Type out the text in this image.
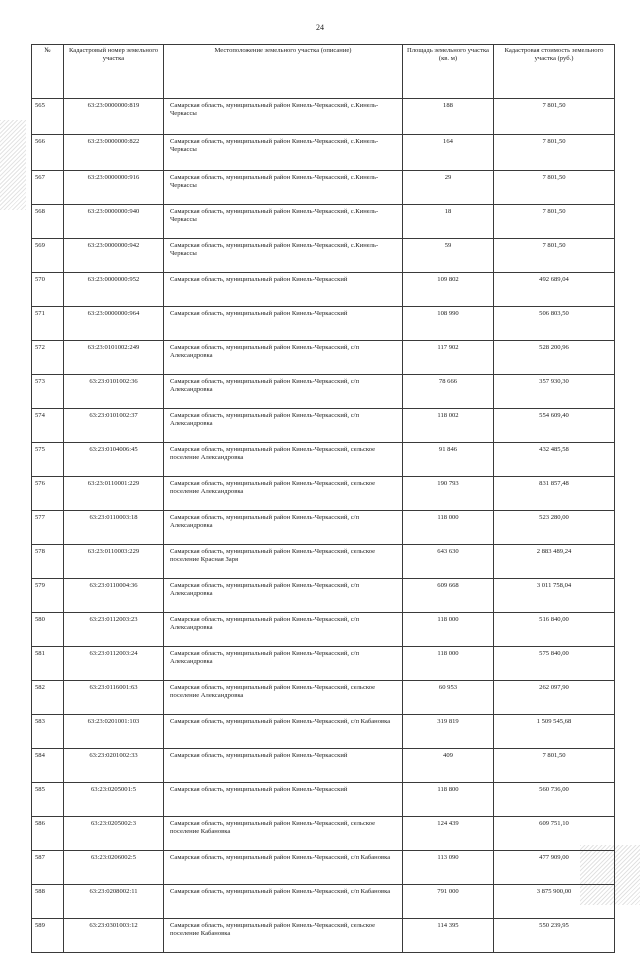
24
№	Кадастровый номер земельного участка	Местоположение земельного участка (описание)	Площадь земельного участка (кв. м)	Кадастровая стоимость земельного участка (руб.)
565	63:23:0000000:819	Самарская область, муниципальный район Кинель-Черкасский, с.Кинель-Черкассы	188	7 801,50
566	63:23:0000000:822	Самарская область, муниципальный район Кинель-Черкасский, с.Кинель-Черкассы	164	7 801,50
567	63:23:0000000:916	Самарская область, муниципальный район Кинель-Черкасский, с.Кинель-Черкассы	29	7 801,50
568	63:23:0000000:940	Самарская область, муниципальный район Кинель-Черкасский, с.Кинель-Черкассы	18	7 801,50
569	63:23:0000000:942	Самарская область, муниципальный район Кинель-Черкасский, с.Кинель-Черкассы	59	7 801,50
570	63:23:0000000:952	Самарская область, муниципальный район Кинель-Черкасский	109 802	492 689,04
571	63:23:0000000:964	Самарская область, муниципальный район Кинель-Черкасский	108 990	506 803,50
572	63:23:0101002:249	Самарская область, муниципальный район Кинель-Черкасский, с/п Александровка	117 902	528 200,96
573	63:23:0101002:36	Самарская область, муниципальный район Кинель-Черкасский, с/п Александровка	78 666	357 930,30
574	63:23:0101002:37	Самарская область, муниципальный район Кинель-Черкасский, с/п Александровка	118 002	554 609,40
575	63:23:0104006:45	Самарская область, муниципальный район Кинель-Черкасский, сельское поселение Александровка	91 846	432 485,58
576	63:23:0110001:229	Самарская область, муниципальный район Кинель-Черкасский, сельское поселение Александровка	190 793	831 857,48
577	63:23:0110003:18	Самарская область, муниципальный район Кинель-Черкасский, с/п Александровка	118 000	523 280,00
578	63:23:0110003:229	Самарская область, муниципальный район Кинель-Черкасский, сельское поселение Красная Заря	643 630	2 883 489,24
579	63:23:0110004:36	Самарская область, муниципальный район Кинель-Черкасский, с/п Александровка	609 668	3 011 758,04
580	63:23:0112003:23	Самарская область, муниципальный район Кинель-Черкасский, с/п Александровка	118 000	516 840,00
581	63:23:0112003:24	Самарская область, муниципальный район Кинель-Черкасский, с/п Александровка	118 000	575 840,00
582	63:23:0116001:63	Самарская область, муниципальный район Кинель-Черкасский, сельское поселение Александровка	60 953	262 097,90
583	63:23:0201001:103	Самарская область, муниципальный район Кинель-Черкасский, с/п Кабановка	319 819	1 509 545,68
584	63:23:0201002:33	Самарская область, муниципальный район Кинель-Черкасский	409	7 801,50
585	63:23:0205001:5	Самарская область, муниципальный район Кинель-Черкасский	118 800	560 736,00
586	63:23:0205002:3	Самарская область, муниципальный район Кинель-Черкасский, сельское поселение Кабановка	124 439	609 751,10
587	63:23:0206002:5	Самарская область, муниципальный район Кинель-Черкасский, с/п Кабановка	113 090	477 909,00
588	63:23:0208002:11	Самарская область, муниципальный район Кинель-Черкасский, с/п Кабановка	791 000	3 875 900,00
589	63:23:0301003:12	Самарская область, муниципальный район Кинель-Черкасский, сельское поселение Кабановка	114 395	550 239,95
